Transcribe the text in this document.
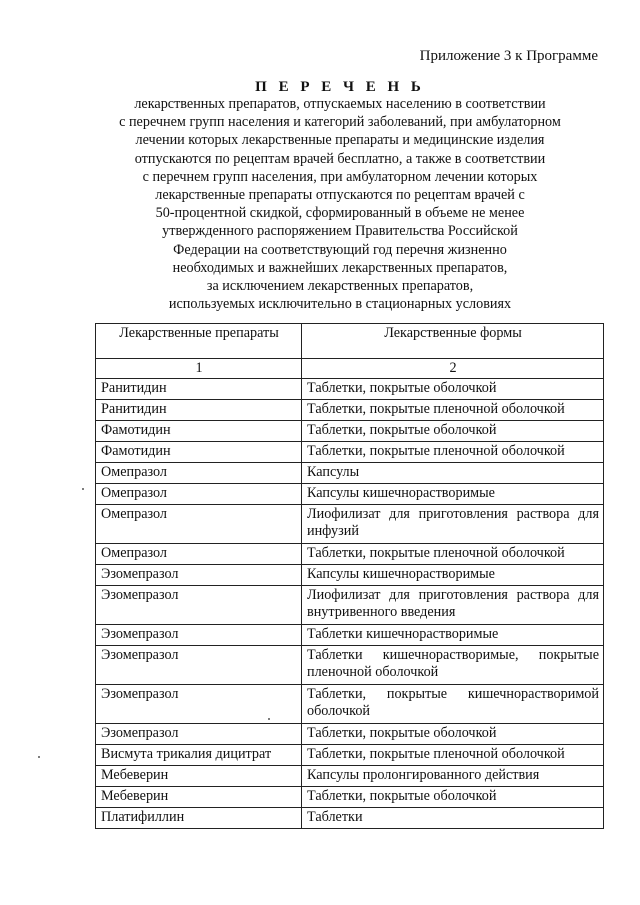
Приложение 3 к Программе
П Е Р Е Ч Е Н Ь
лекарственных препаратов, отпускаемых населению в соответствии
с перечнем групп населения и категорий заболеваний, при амбулаторном
лечении которых лекарственные препараты и медицинские изделия
отпускаются по рецептам врачей бесплатно, а также в соответствии
с перечнем групп населения, при амбулаторном лечении которых
лекарственные препараты отпускаются по рецептам врачей с
50-процентной скидкой, сформированный в объеме не менее
утвержденного распоряжением Правительства Российской
Федерации на соответствующий год перечня жизненно
необходимых и важнейших лекарственных препаратов,
за исключением лекарственных препаратов,
используемых исключительно в стационарных условиях
Лекарственные препараты	Лекарственные формы
1	2
Ранитидин	Таблетки, покрытые оболочкой
Ранитидин	Таблетки, покрытые пленочной оболочкой
Фамотидин	Таблетки, покрытые оболочкой
Фамотидин	Таблетки, покрытые пленочной оболочкой
Омепразол	Капсулы
Омепразол	Капсулы кишечнорастворимые
Омепразол	Лиофилизат для приготовления раствора для инфузий
Омепразол	Таблетки, покрытые пленочной оболочкой
Эзомепразол	Капсулы кишечнорастворимые
Эзомепразол	Лиофилизат для приготовления раствора для внутривенного введения
Эзомепразол	Таблетки кишечнорастворимые
Эзомепразол	Таблетки кишечнорастворимые, покрытые пленочной оболочкой
Эзомепразол	Таблетки, покрытые кишечнорастворимой оболочкой
Эзомепразол	Таблетки, покрытые оболочкой
Висмута трикалия дицитрат	Таблетки, покрытые пленочной оболочкой
Мебеверин	Капсулы пролонгированного действия
Мебеверин	Таблетки, покрытые оболочкой
Платифиллин	Таблетки
